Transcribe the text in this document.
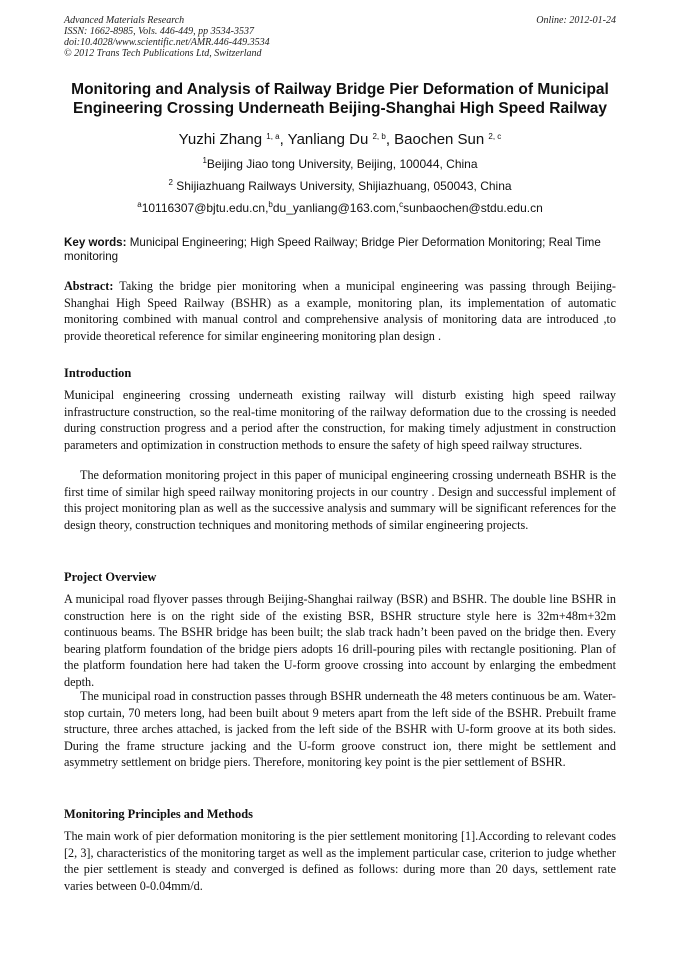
Advanced Materials Research
ISSN: 1662-8985, Vols. 446-449, pp 3534-3537
doi:10.4028/www.scientific.net/AMR.446-449.3534
© 2012 Trans Tech Publications Ltd, Switzerland
Online: 2012-01-24
Monitoring and Analysis of Railway Bridge Pier Deformation of Municipal Engineering Crossing Underneath Beijing-Shanghai High Speed Railway
Yuzhi Zhang $^{1, a}$, Yanliang Du $^{2, b}$, Baochen Sun $^{2, c}$
$^1$Beijing Jiao tong University, Beijing, 100044, China
$^2$ Shijiazhuang Railways University, Shijiazhuang, 050043, China
$^a$10116307@bjtu.edu.cn,$^b$du_yanliang@163.com,$^c$sunbaochen@stdu.edu.cn
Key words: Municipal Engineering; High Speed Railway; Bridge Pier Deformation Monitoring; Real Time monitoring
Abstract: Taking the bridge pier monitoring when a municipal engineering was passing through Beijing-Shanghai High Speed Railway (BSHR) as a example, monitoring plan, its implementation of automatic monitoring combined with manual control and comprehensive analysis of monitoring data are introduced ,to provide theoretical reference for similar engineering monitoring plan design .
Introduction

Municipal engineering crossing underneath existing railway will disturb existing high speed railway infrastructure construction, so the real-time monitoring of the railway deformation due to the crossing is needed during construction progress and a period after the construction, for making timely adjustment in construction parameters and optimization in construction methods to ensure the safety of high speed railway structures.

The deformation monitoring project in this paper of municipal engineering crossing underneath BSHR is the first time of similar high speed railway monitoring projects in our country . Design and successful implement of this project monitoring plan as well as the successive analysis and summary will be significant references for the design theory, construction techniques and monitoring methods of similar engineering projects.

Project Overview

A municipal road flyover passes through Beijing-Shanghai railway (BSR) and BSHR. The double line BSHR in construction here is on the right side of the existing BSR, BSHR structure style here is 32m+48m+32m continuous beams. The BSHR bridge has been built; the slab track hadn’t been paved on the bridge then. Every bearing platform foundation of the bridge piers adopts 16 drill-pouring piles with rectangle positioning. Plan of the platform foundation here had taken the U-form groove crossing into account by enlarging the embedment depth.

The municipal road in construction passes through BSHR underneath the 48 meters continuous be am. Water-stop curtain, 70 meters long, had been built about 9 meters apart from the left side of the BSHR. Prebuilt frame structure, three arches attached, is jacked from the left side of the BSHR with U-form groove at its both sides. During the frame structure jacking and the U-form groove construct ion, there might be settlement and asymmetry settlement on bridge piers. Therefore, monitoring key point is the pier settlement of BSHR.

Monitoring Principles and Methods

The main work of pier deformation monitoring is the pier settlement monitoring [1].According to relevant codes [2, 3], characteristics of the monitoring target as well as the implement particular case, criterion to judge whether the pier settlement is steady and converged is defined as follows: during more than 20 days, settlement rate varies between 0-0.04mm/d.
